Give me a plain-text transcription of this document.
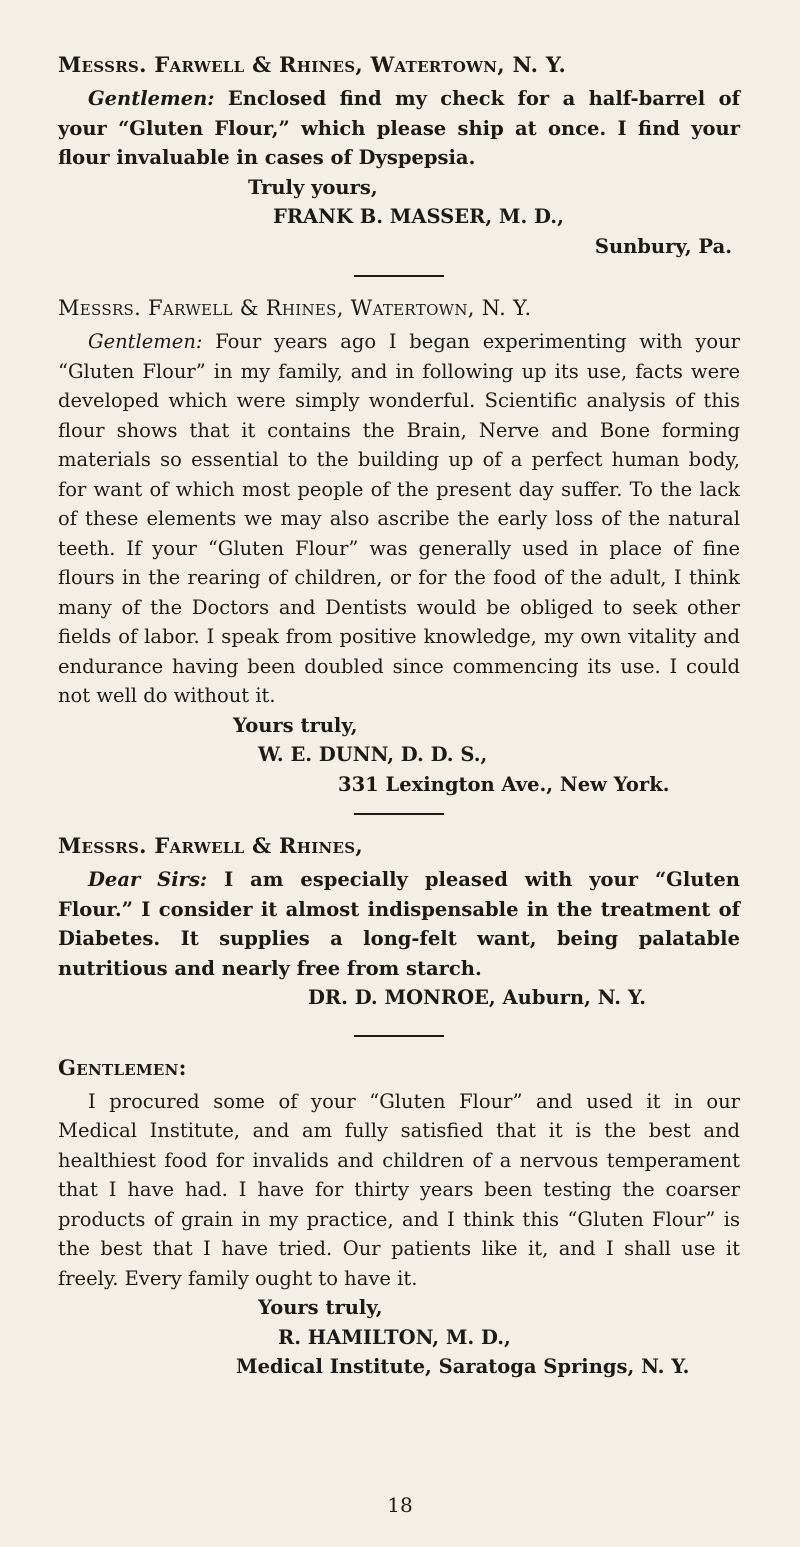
Messrs. Farwell & Rhines, Watertown, N. Y.

Gentlemen: Enclosed find my check for a half-barrel of your “Gluten Flour,” which please ship at once. I find your flour invaluable in cases of Dyspepsia.

Truly yours,

FRANK B. MASSER, M. D.,

Sunbury, Pa.

Messrs. Farwell & Rhines, Watertown, N. Y.

Gentlemen: Four years ago I began experimenting with your “Gluten Flour” in my family, and in following up its use, facts were developed which were simply wonderful. Scientific analysis of this flour shows that it contains the Brain, Nerve and Bone forming materials so essential to the building up of a perfect human body, for want of which most people of the present day suffer. To the lack of these elements we may also ascribe the early loss of the natural teeth. If your “Gluten Flour” was generally used in place of fine flours in the rearing of children, or for the food of the adult, I think many of the Doctors and Dentists would be obliged to seek other fields of labor. I speak from positive knowledge, my own vitality and endurance having been doubled since commencing its use. I could not well do without it.

Yours truly,

W. E. DUNN, D. D. S.,

331 Lexington Ave., New York.

Messrs. Farwell & Rhines,

Dear Sirs: I am especially pleased with your “Gluten Flour.” I consider it almost indispensable in the treatment of Diabetes. It supplies a long-felt want, being palatable nutritious and nearly free from starch.

DR. D. MONROE, Auburn, N. Y.

Gentlemen:

I procured some of your “Gluten Flour” and used it in our Medical Institute, and am fully satisfied that it is the best and healthiest food for invalids and children of a nervous temperament that I have had. I have for thirty years been testing the coarser products of grain in my practice, and I think this “Gluten Flour” is the best that I have tried. Our patients like it, and I shall use it freely. Every family ought to have it.

Yours truly,

R. HAMILTON, M. D.,

Medical Institute, Saratoga Springs, N. Y.

18
